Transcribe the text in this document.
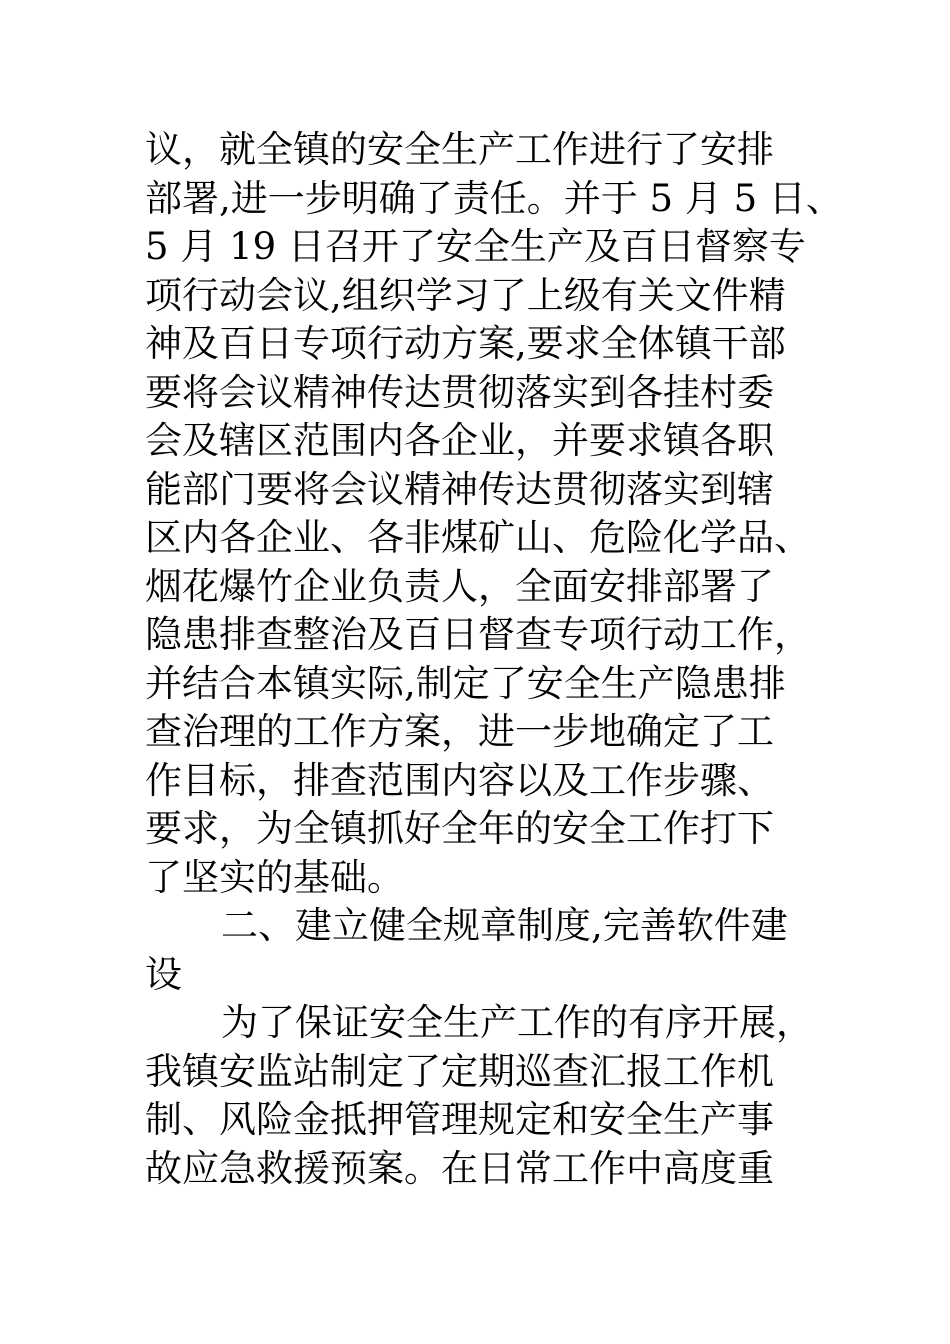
议，就全镇的安全生产工作进行了安排
部署,进一步明确了责任。并于 5 月 5 日、
5 月 19 日召开了安全生产及百日督察专
项行动会议,组织学习了上级有关文件精
神及百日专项行动方案,要求全体镇干部
要将会议精神传达贯彻落实到各挂村委
会及辖区范围内各企业，并要求镇各职
能部门要将会议精神传达贯彻落实到辖
区内各企业、各非煤矿山、危险化学品、
烟花爆竹企业负责人，全面安排部署了
隐患排查整治及百日督查专项行动工作，
并结合本镇实际,制定了安全生产隐患排
查治理的工作方案，进一步地确定了工
作目标，排查范围内容以及工作步骤、
要求，为全镇抓好全年的安全工作打下
了坚实的基础。
二、建立健全规章制度,完善软件建
设
为了保证安全生产工作的有序开展，
我镇安监站制定了定期巡查汇报工作机
制、风险金抵押管理规定和安全生产事
故应急救援预案。在日常工作中高度重
